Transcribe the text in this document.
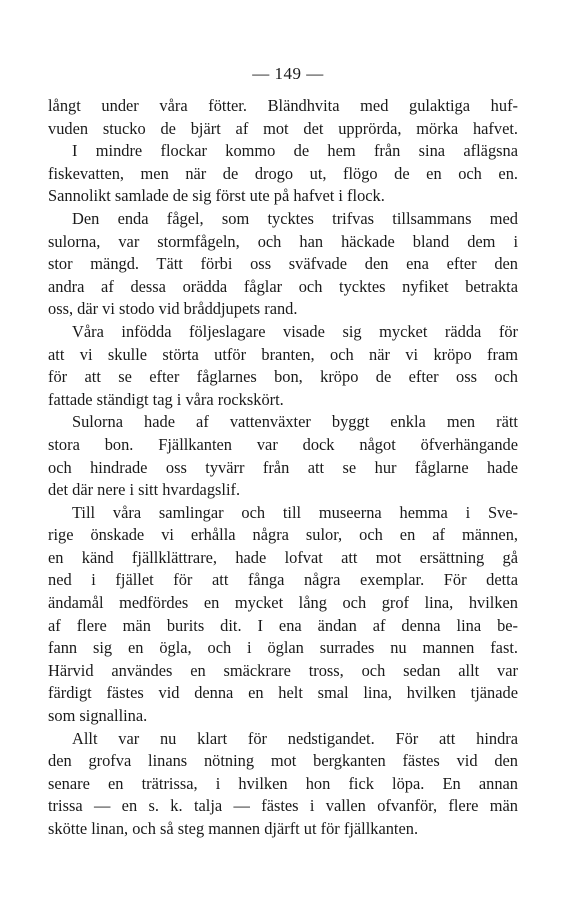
— 149 —

långt under våra fötter. Bländhvita med gulaktiga huf-
vuden stucko de bjärt af mot det upprörda, mörka hafvet.

I mindre flockar kommo de hem från sina aflägsna
fiskevatten, men när de drogo ut, flögo de en och en.
Sannolikt samlade de sig först ute på hafvet i flock.

Den enda fågel, som tycktes trifvas tillsammans med
sulorna, var stormfågeln, och han häckade bland dem i
stor mängd. Tätt förbi oss sväfvade den ena efter den
andra af dessa orädda fåglar och tycktes nyfiket betrakta
oss, där vi stodo vid bråddjupets rand.

Våra infödda följeslagare visade sig mycket rädda för
att vi skulle störta utför branten, och när vi kröpo fram
för att se efter fåglarnes bon, kröpo de efter oss och
fattade ständigt tag i våra rockskört.

Sulorna hade af vattenväxter byggt enkla men rätt
stora bon. Fjällkanten var dock något öfverhängande
och hindrade oss tyvärr från att se hur fåglarne hade
det där nere i sitt hvardagslif.

Till våra samlingar och till museerna hemma i Sve-
rige önskade vi erhålla några sulor, och en af männen,
en känd fjällklättrare, hade lofvat att mot ersättning gå
ned i fjället för att fånga några exemplar. För detta
ändamål medfördes en mycket lång och grof lina, hvilken
af flere män burits dit. I ena ändan af denna lina be-
fann sig en ögla, och i öglan surrades nu mannen fast.
Härvid användes en smäckrare tross, och sedan allt var
färdigt fästes vid denna en helt smal lina, hvilken tjänade
som signallina.

Allt var nu klart för nedstigandet. För att hindra
den grofva linans nötning mot bergkanten fästes vid den
senare en trätrissa, i hvilken hon fick löpa. En annan
trissa — en s. k. talja — fästes i vallen ofvanför, flere män
skötte linan, och så steg mannen djärft ut för fjällkanten.
